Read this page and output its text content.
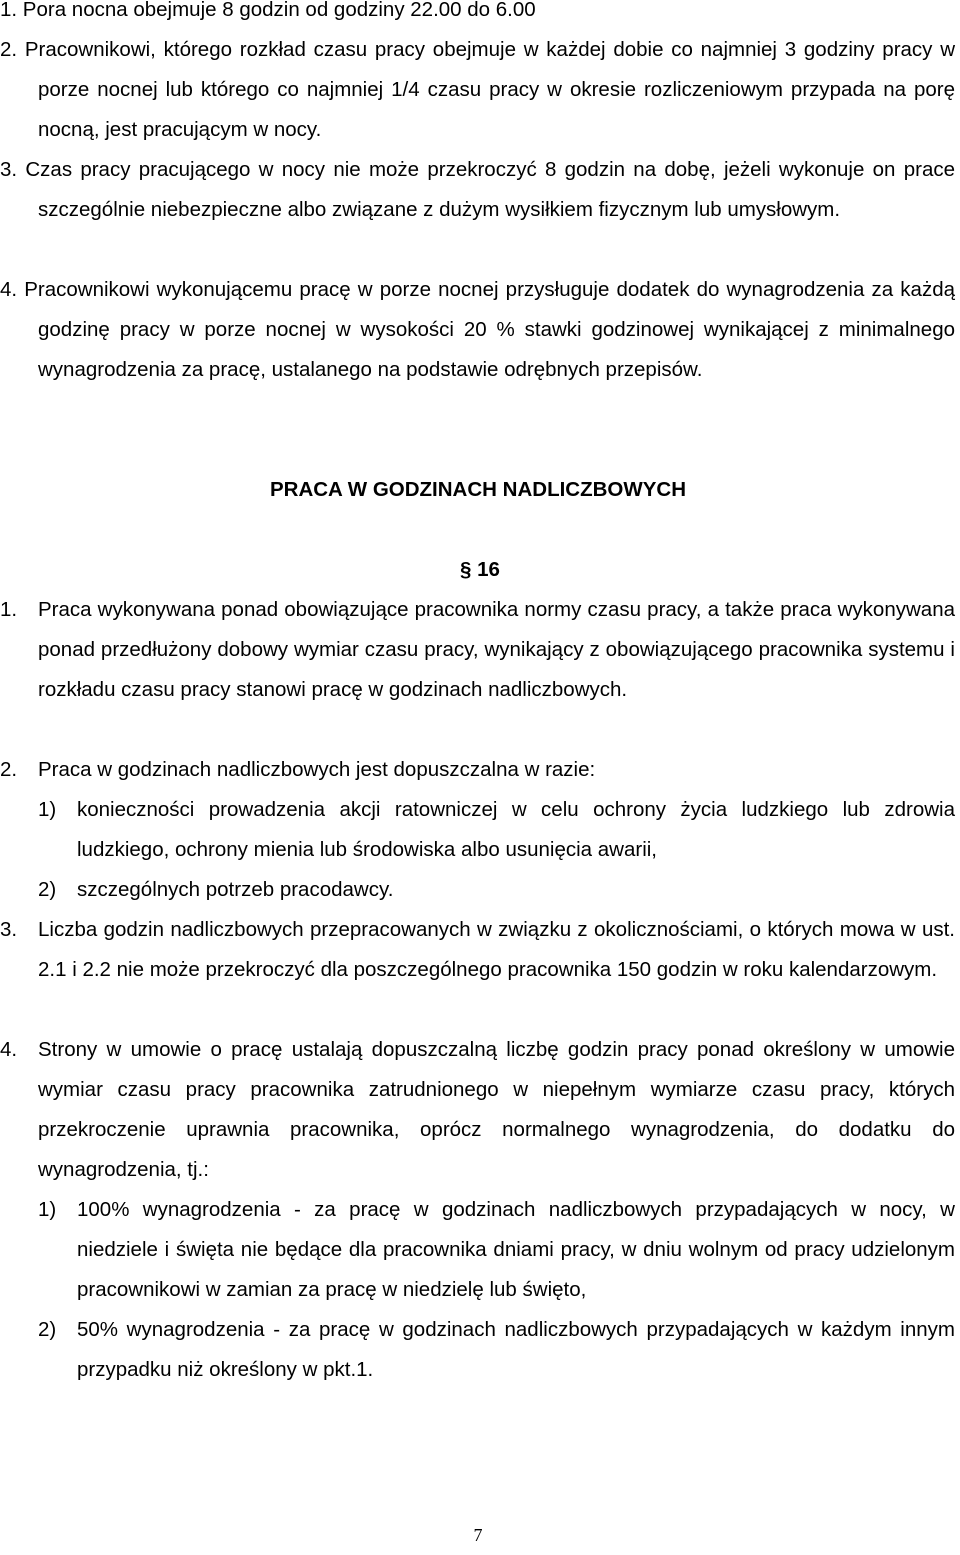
1. Pora nocna obejmuje 8 godzin od godziny 22.00 do 6.00

2. Pracownikowi, którego rozkład czasu pracy obejmuje w każdej dobie co najmniej 3 godziny pracy w porze nocnej lub którego co najmniej 1/4 czasu pracy w okresie rozliczeniowym przypada na porę nocną, jest pracującym w nocy.

3. Czas pracy pracującego w nocy nie może przekroczyć 8 godzin na dobę, jeżeli wykonuje on prace szczególnie niebezpieczne albo związane z dużym wysiłkiem fizycznym lub umysłowym.

4. Pracownikowi wykonującemu pracę w porze nocnej przysługuje dodatek do wynagrodzenia za każdą godzinę pracy w porze nocnej w wysokości 20 % stawki godzinowej wynikającej z minimalnego wynagrodzenia za pracę, ustalanego na podstawie odrębnych przepisów.

PRACA W GODZINACH NADLICZBOWYCH
§ 16

1. Praca wykonywana ponad obowiązujące pracownika normy czasu pracy, a także praca wykonywana ponad przedłużony dobowy wymiar czasu pracy, wynikający z obowiązującego pracownika systemu i rozkładu czasu pracy stanowi pracę w godzinach nadliczbowych.

2. Praca w godzinach nadliczbowych jest dopuszczalna w razie:

1) konieczności prowadzenia akcji ratowniczej w celu ochrony życia ludzkiego lub zdrowia ludzkiego, ochrony mienia lub środowiska albo usunięcia awarii,

2) szczególnych potrzeb pracodawcy.

3. Liczba godzin nadliczbowych przepracowanych w związku z okolicznościami, o których mowa w ust. 2.1 i 2.2 nie może przekroczyć dla poszczególnego pracownika 150 godzin w roku kalendarzowym.

4. Strony w umowie o pracę ustalają dopuszczalną liczbę godzin pracy ponad określony w umowie wymiar czasu pracy pracownika zatrudnionego w niepełnym wymiarze czasu pracy, których przekroczenie uprawnia pracownika, oprócz normalnego wynagrodzenia, do dodatku do wynagrodzenia, tj.:

1) 100% wynagrodzenia - za pracę w godzinach nadliczbowych przypadających w nocy, w niedziele i święta nie będące dla pracownika dniami pracy, w dniu wolnym od pracy udzielonym pracownikowi w zamian za pracę w niedzielę lub święto,

2) 50% wynagrodzenia - za pracę w godzinach nadliczbowych przypadających w każdym innym przypadku niż określony w pkt.1.

7
